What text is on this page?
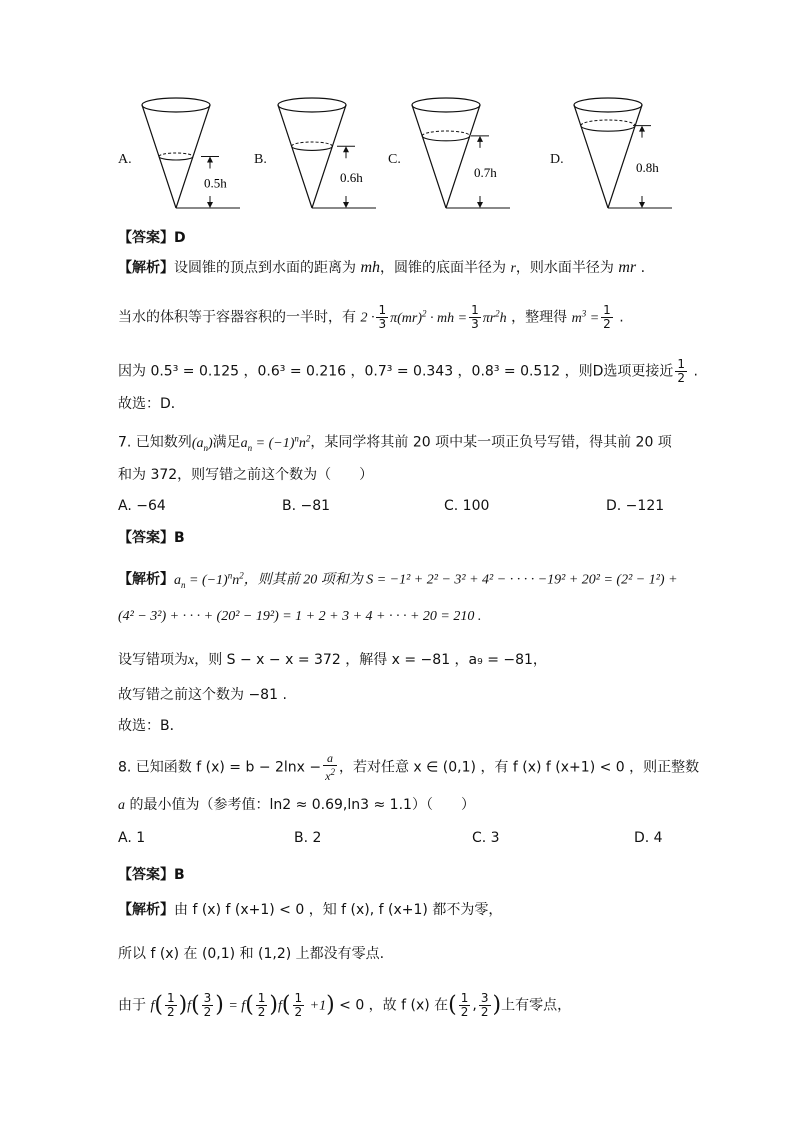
A.
0.5h
B.
0.6h
C.
0.7h
D.
0.8h
【答案】D
【解析】设圆锥的顶点到水面的距离为 mh，圆锥的底面半径为 r，则水面半径为 mr .
当水的体积等于容器容积的一半时，有 $2 \cdot \frac{1}{3} \pi(mr)^2$ · mh = $\frac{1}{3} \pi r^2h$ ，整理得 $m^3 = \frac{1}{2}$ .
因为 0.5³ = 0.125 ，0.6³ = 0.216 ，0.7³ = 0.343 ，0.8³ = 0.512 ，则D选项更接近 $\frac{1}{2}$ .
故选：D．
7. 已知数列$(a_n)$满足$a_n = (-1)^nn^2$，某同学将其前 20 项中某一项正负号写错，得其前 20 项
和为 372，则写错之前这个数为（　　）
A. −64	B. −81	C. 100	D. −121
【答案】B
【解析】$a_n = (-1)^nn^2$，则其前 20 项和为 S = −1² + 2² − 3² + 4² − · · · · −19² + 20² = (2² − 1²) +
(4² − 3²) + · · · + (20² − 19²) = 1 + 2 + 3 + 4 + · · · + 20 = 210 .
设写错项为x，则 S − x − x = 372 ，解得 x = −81 ，a₉ = −81，
故写错之前这个数为 −81 .
故选：B．
8. 已知函数 f $(x) = b - 2\ln x - \frac{a}{x^2}$ ，若对任意 x ∈ (0,1) ，有 f (x) f (x+1) < 0 ，则正整数
a 的最小值为（参考值：ln2 ≈ 0.69,ln3 ≈ 1.1）（　　）
A. 1	B. 2	C. 3	D. 4
【答案】B
【解析】由 f (x) f (x+1) < 0 ，知 f (x), f (x+1) 都不为零，
所以 f (x) 在 (0,1) 和 (1,2) 上都没有零点.
由于 $f( \frac{1}{2} )f( \frac{3}{2}$ ) = $f( \frac{1}{2} )f( \frac{1}{2} +1) < 0$ ，故 f (x) 在( $\frac{1}{2}$ , $\frac{3}{2}$ )上有零点，
